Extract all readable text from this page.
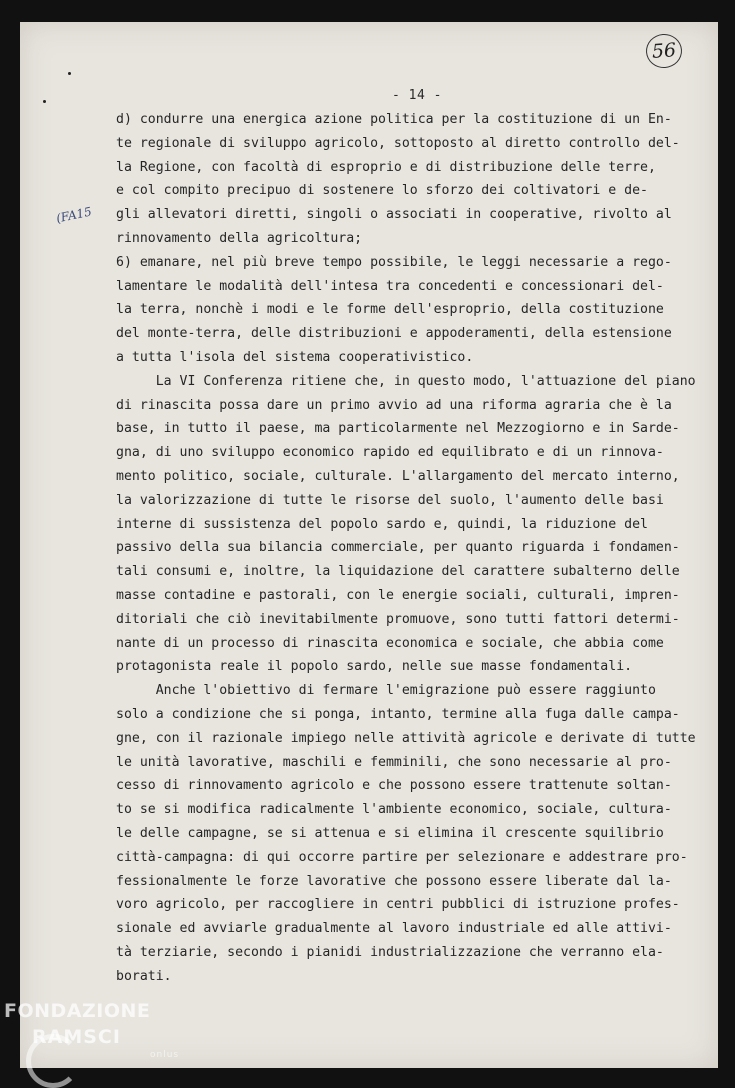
56
- 14 -
(FA15
d) condurre una energica azione politica per la costituzione di un En-
te regionale di sviluppo agricolo, sottoposto al diretto controllo del-
la Regione, con facoltà di esproprio e di distribuzione delle terre,
e col compito precipuo di sostenere lo sforzo dei coltivatori e de-
gli allevatori diretti, singoli o associati in cooperative, rivolto al
rinnovamento della agricoltura;
6) emanare, nel più breve tempo possibile, le leggi necessarie a rego-
lamentare le modalità dell'intesa tra concedenti e concessionari del-
la terra, nonchè i modi e le forme dell'esproprio, della costituzione
del monte-terra, delle distribuzioni e appoderamenti, della estensione
a tutta l'isola del sistema cooperativistico.
La VI Conferenza ritiene che, in questo modo, l'attuazione del piano
di rinascita possa dare un primo avvio ad una riforma agraria che è la
base, in tutto il paese, ma particolarmente nel Mezzogiorno e in Sarde-
gna, di uno sviluppo economico rapido ed equilibrato e di un rinnova-
mento politico, sociale, culturale. L'allargamento del mercato interno,
la valorizzazione di tutte le risorse del suolo, l'aumento delle basi
interne di sussistenza del popolo sardo e, quindi, la riduzione del
passivo della sua bilancia commerciale, per quanto riguarda i fondamen-
tali consumi e, inoltre, la liquidazione del carattere subalterno delle
masse contadine e pastorali, con le energie sociali, culturali, impren-
ditoriali che ciò inevitabilmente promuove, sono tutti fattori determi-
nante di un processo di rinascita economica e sociale, che abbia come
protagonista reale il popolo sardo, nelle sue masse fondamentali.
Anche l'obiettivo di fermare l'emigrazione può essere raggiunto
solo a condizione che si ponga, intanto, termine alla fuga dalle campa-
gne, con il razionale impiego nelle attività agricole e derivate di tutte
le unità lavorative, maschili e femminili, che sono necessarie al pro-
cesso di rinnovamento agricolo e che possono essere trattenute soltan-
to se si modifica radicalmente l'ambiente economico, sociale, cultura-
le delle campagne, se si attenua e si elimina il crescente squilibrio
città-campagna: di qui occorre partire per selezionare e addestrare pro-
fessionalmente le forze lavorative che possono essere liberate dal la-
voro agricolo, per raccogliere in centri pubblici di istruzione profes-
sionale ed avviarle gradualmente al lavoro industriale ed alle attivi-
tà terziarie, secondo i pianidi industrializzazione che verranno ela-
borati.
FONDAZIONE
RAMSCI
onlus
